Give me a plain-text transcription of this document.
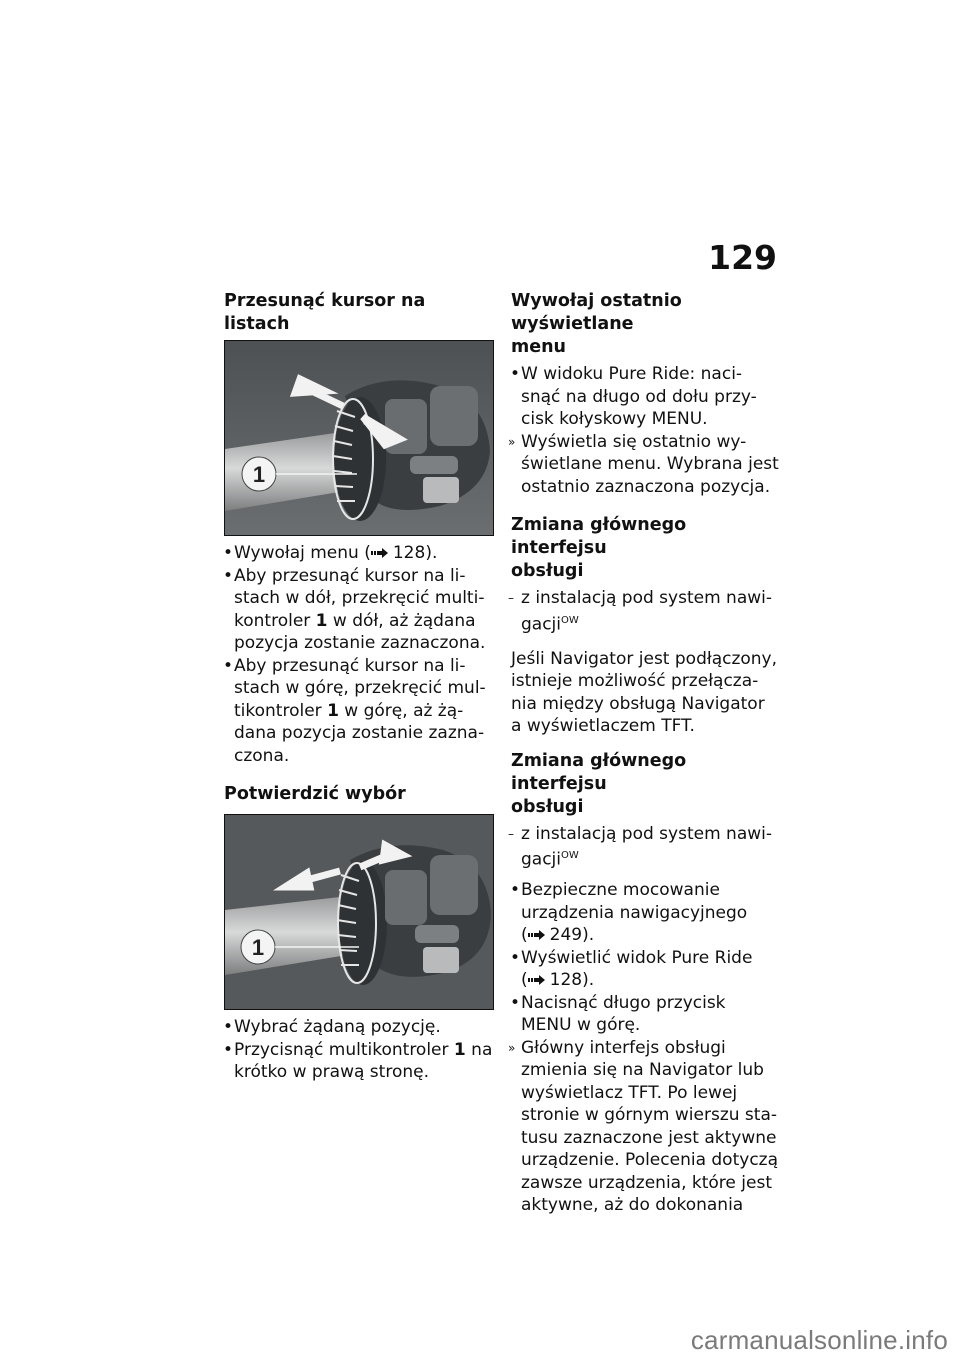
129
Przesunąć kursor na listach
1
• Wywołaj menu ( 128).
• Aby przesunąć kursor na li-
stach w dół, przekręcić multi-
kontroler 1 w dół, aż żądana
pozycja zostanie zaznaczona.
• Aby przesunąć kursor na li-
stach w górę, przekręcić mul-
tikontroler 1 w górę, aż żą-
dana pozycja zostanie zazna-
czona.
Potwierdzić wybór
1
• Wybrać żądaną pozycję.
• Przycisnąć multikontroler 1 na
krótko w prawą stronę.
Wywołaj ostatnio wyświetlane
menu
• W widoku Pure Ride: naci-
snąć na długo od dołu przy-
cisk kołyskowy MENU.
» Wyświetla się ostatnio wy-
świetlane menu. Wybrana jest
ostatnio zaznaczona pozycja.
Zmiana głównego interfejsu
obsługi
– z instalacją pod system nawi-
gacji$^{OW}$
Jeśli Navigator jest podłączony,
istnieje możliwość przełącza-
nia między obsługą Navigator
a wyświetlaczem TFT.
Zmiana głównego interfejsu
obsługi
– z instalacją pod system nawi-
gacji$^{OW}$
• Bezpieczne mocowanie
urządzenia nawigacyjnego
( 249).
• Wyświetlić widok Pure Ride
( 128).
• Nacisnąć długo przycisk
MENU w górę.
» Główny interfejs obsługi
zmienia się na Navigator lub
wyświetlacz TFT. Po lewej
stronie w górnym wierszu sta-
tusu zaznaczone jest aktywne
urządzenie. Polecenia dotyczą
zawsze urządzenia, które jest
aktywne, aż do dokonania
carmanualsonline.info
